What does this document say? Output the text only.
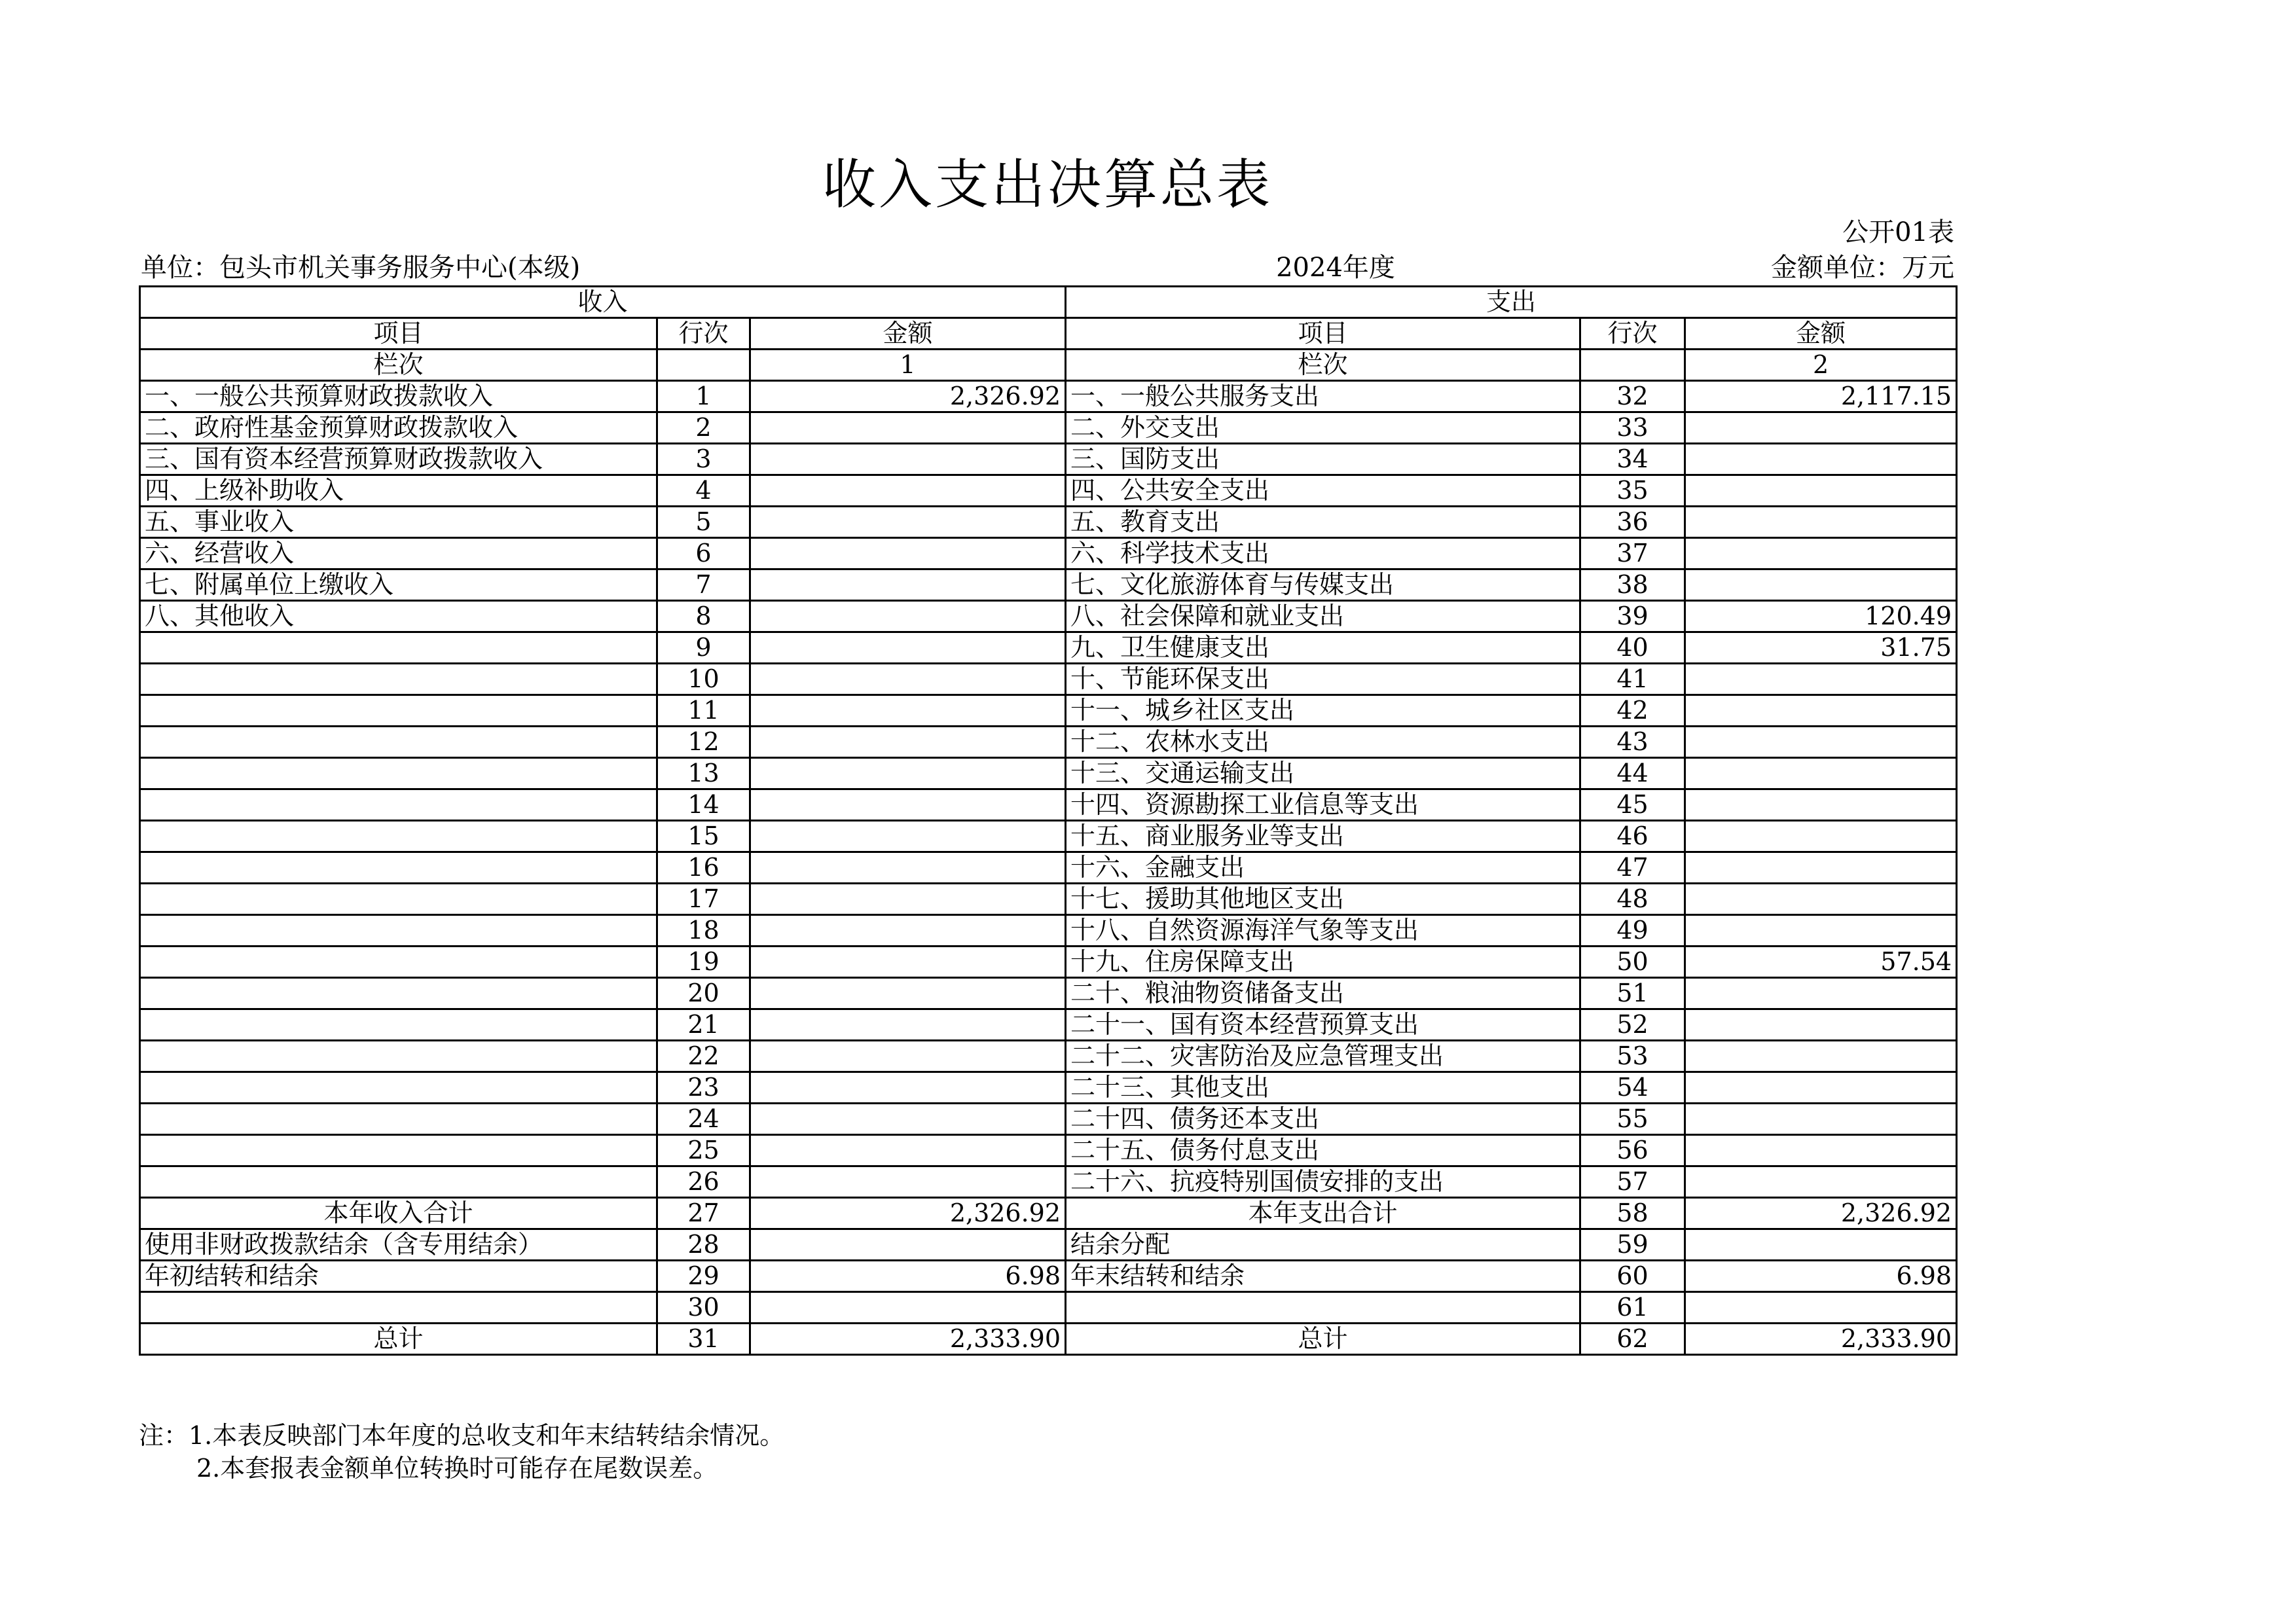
收入支出决算总表
公开01表
单位：包头市机关事务服务中心(本级)	2024年度	金额单位：万元
收入			支出		
项目	行次	金额	项目	行次	金额
栏次		1	栏次		2
一、一般公共预算财政拨款收入	1	2,326.92	一、一般公共服务支出	32	2,117.15
二、政府性基金预算财政拨款收入	2		二、外交支出	33	
三、国有资本经营预算财政拨款收入	3		三、国防支出	34	
四、上级补助收入	4		四、公共安全支出	35	
五、事业收入	5		五、教育支出	36	
六、经营收入	6		六、科学技术支出	37	
七、附属单位上缴收入	7		七、文化旅游体育与传媒支出	38	
八、其他收入	8		八、社会保障和就业支出	39	120.49
	9		九、卫生健康支出	40	31.75
	10		十、节能环保支出	41	
	11		十一、城乡社区支出	42	
	12		十二、农林水支出	43	
	13		十三、交通运输支出	44	
	14		十四、资源勘探工业信息等支出	45	
	15		十五、商业服务业等支出	46	
	16		十六、金融支出	47	
	17		十七、援助其他地区支出	48	
	18		十八、自然资源海洋气象等支出	49	
	19		十九、住房保障支出	50	57.54
	20		二十、粮油物资储备支出	51	
	21		二十一、国有资本经营预算支出	52	
	22		二十二、灾害防治及应急管理支出	53	
	23		二十三、其他支出	54	
	24		二十四、债务还本支出	55	
	25		二十五、债务付息支出	56	
	26		二十六、抗疫特别国债安排的支出	57	
本年收入合计	27	2,326.92	本年支出合计	58	2,326.92
使用非财政拨款结余（含专用结余）	28		结余分配	59	
年初结转和结余	29	6.98	年末结转和结余	60	6.98
	30			61	
总计	31	2,333.90	总计	62	2,333.90
注：1.本表反映部门本年度的总收支和年末结转结余情况。
2.本套报表金额单位转换时可能存在尾数误差。
